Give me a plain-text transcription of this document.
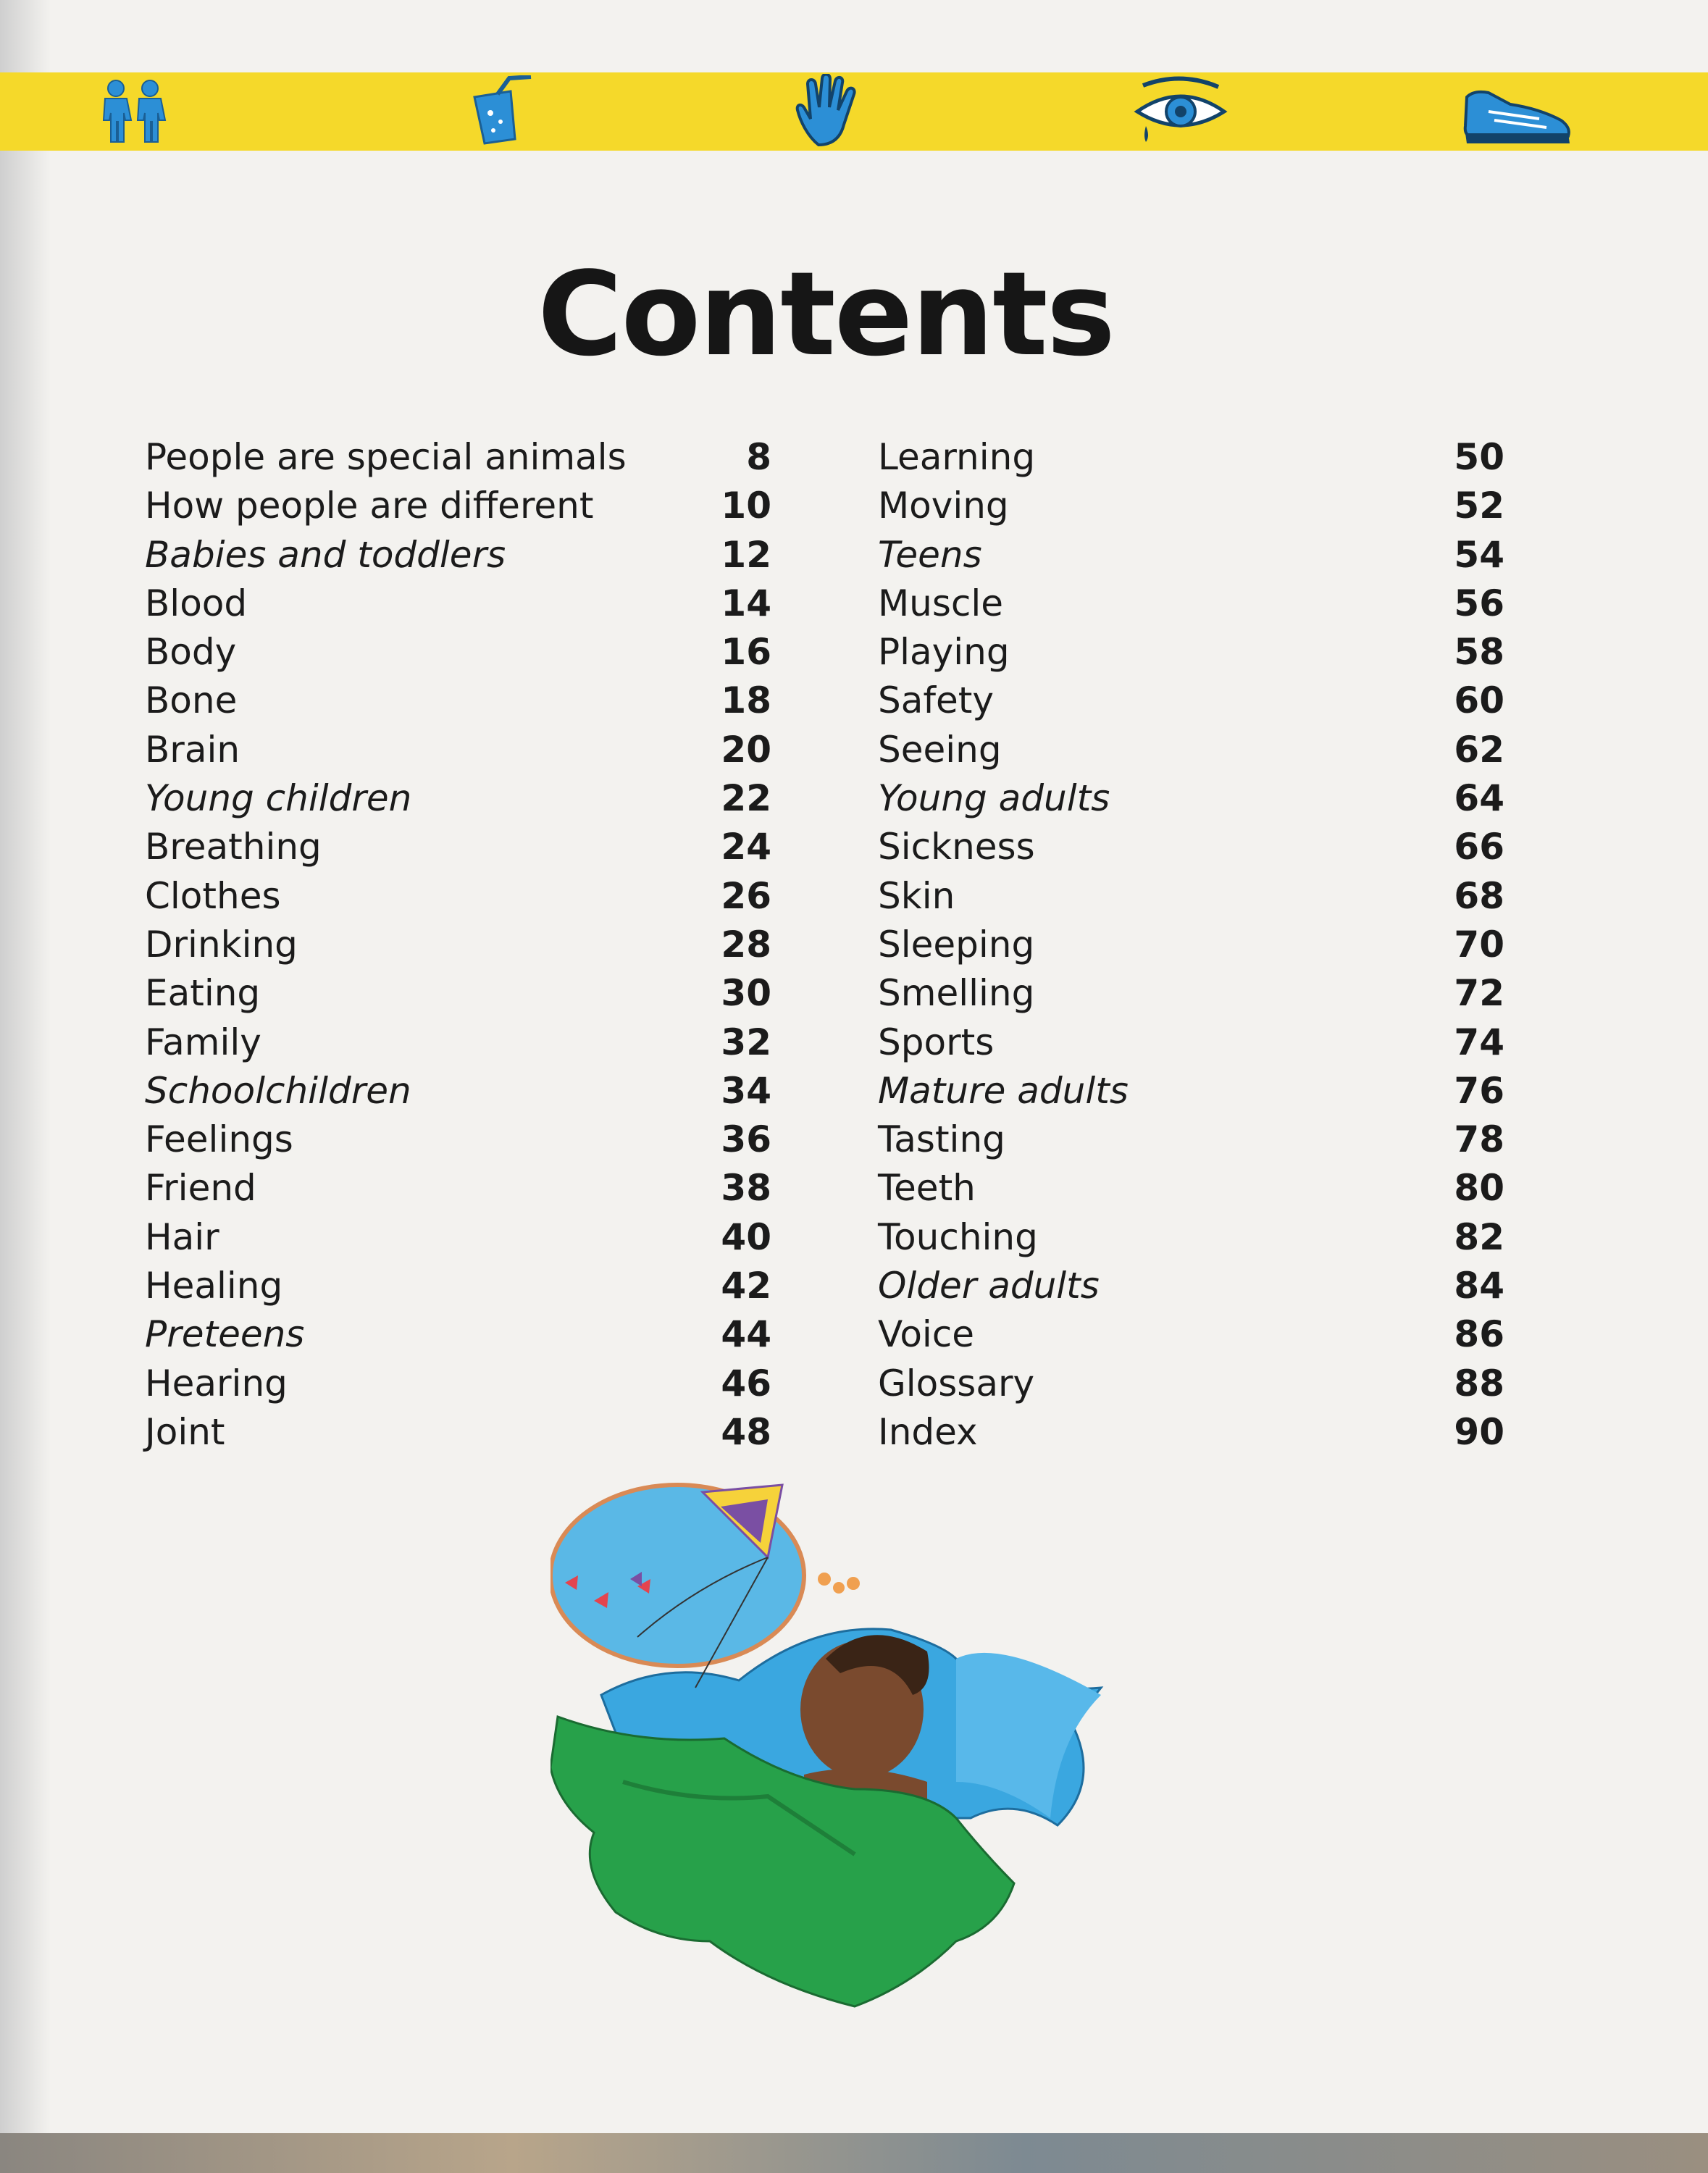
Contents
People are special animals	8
How people are different	10
Babies and toddlers	12
Blood	14
Body	16
Bone	18
Brain	20
Young children	22
Breathing	24
Clothes	26
Drinking	28
Eating	30
Family	32
Schoolchildren	34
Feelings	36
Friend	38
Hair	40
Healing	42
Preteens	44
Hearing	46
Joint	48
Learning	50
Moving	52
Teens	54
Muscle	56
Playing	58
Safety	60
Seeing	62
Young adults	64
Sickness	66
Skin	68
Sleeping	70
Smelling	72
Sports	74
Mature adults	76
Tasting	78
Teeth	80
Touching	82
Older adults	84
Voice	86
Glossary	88
Index	90
